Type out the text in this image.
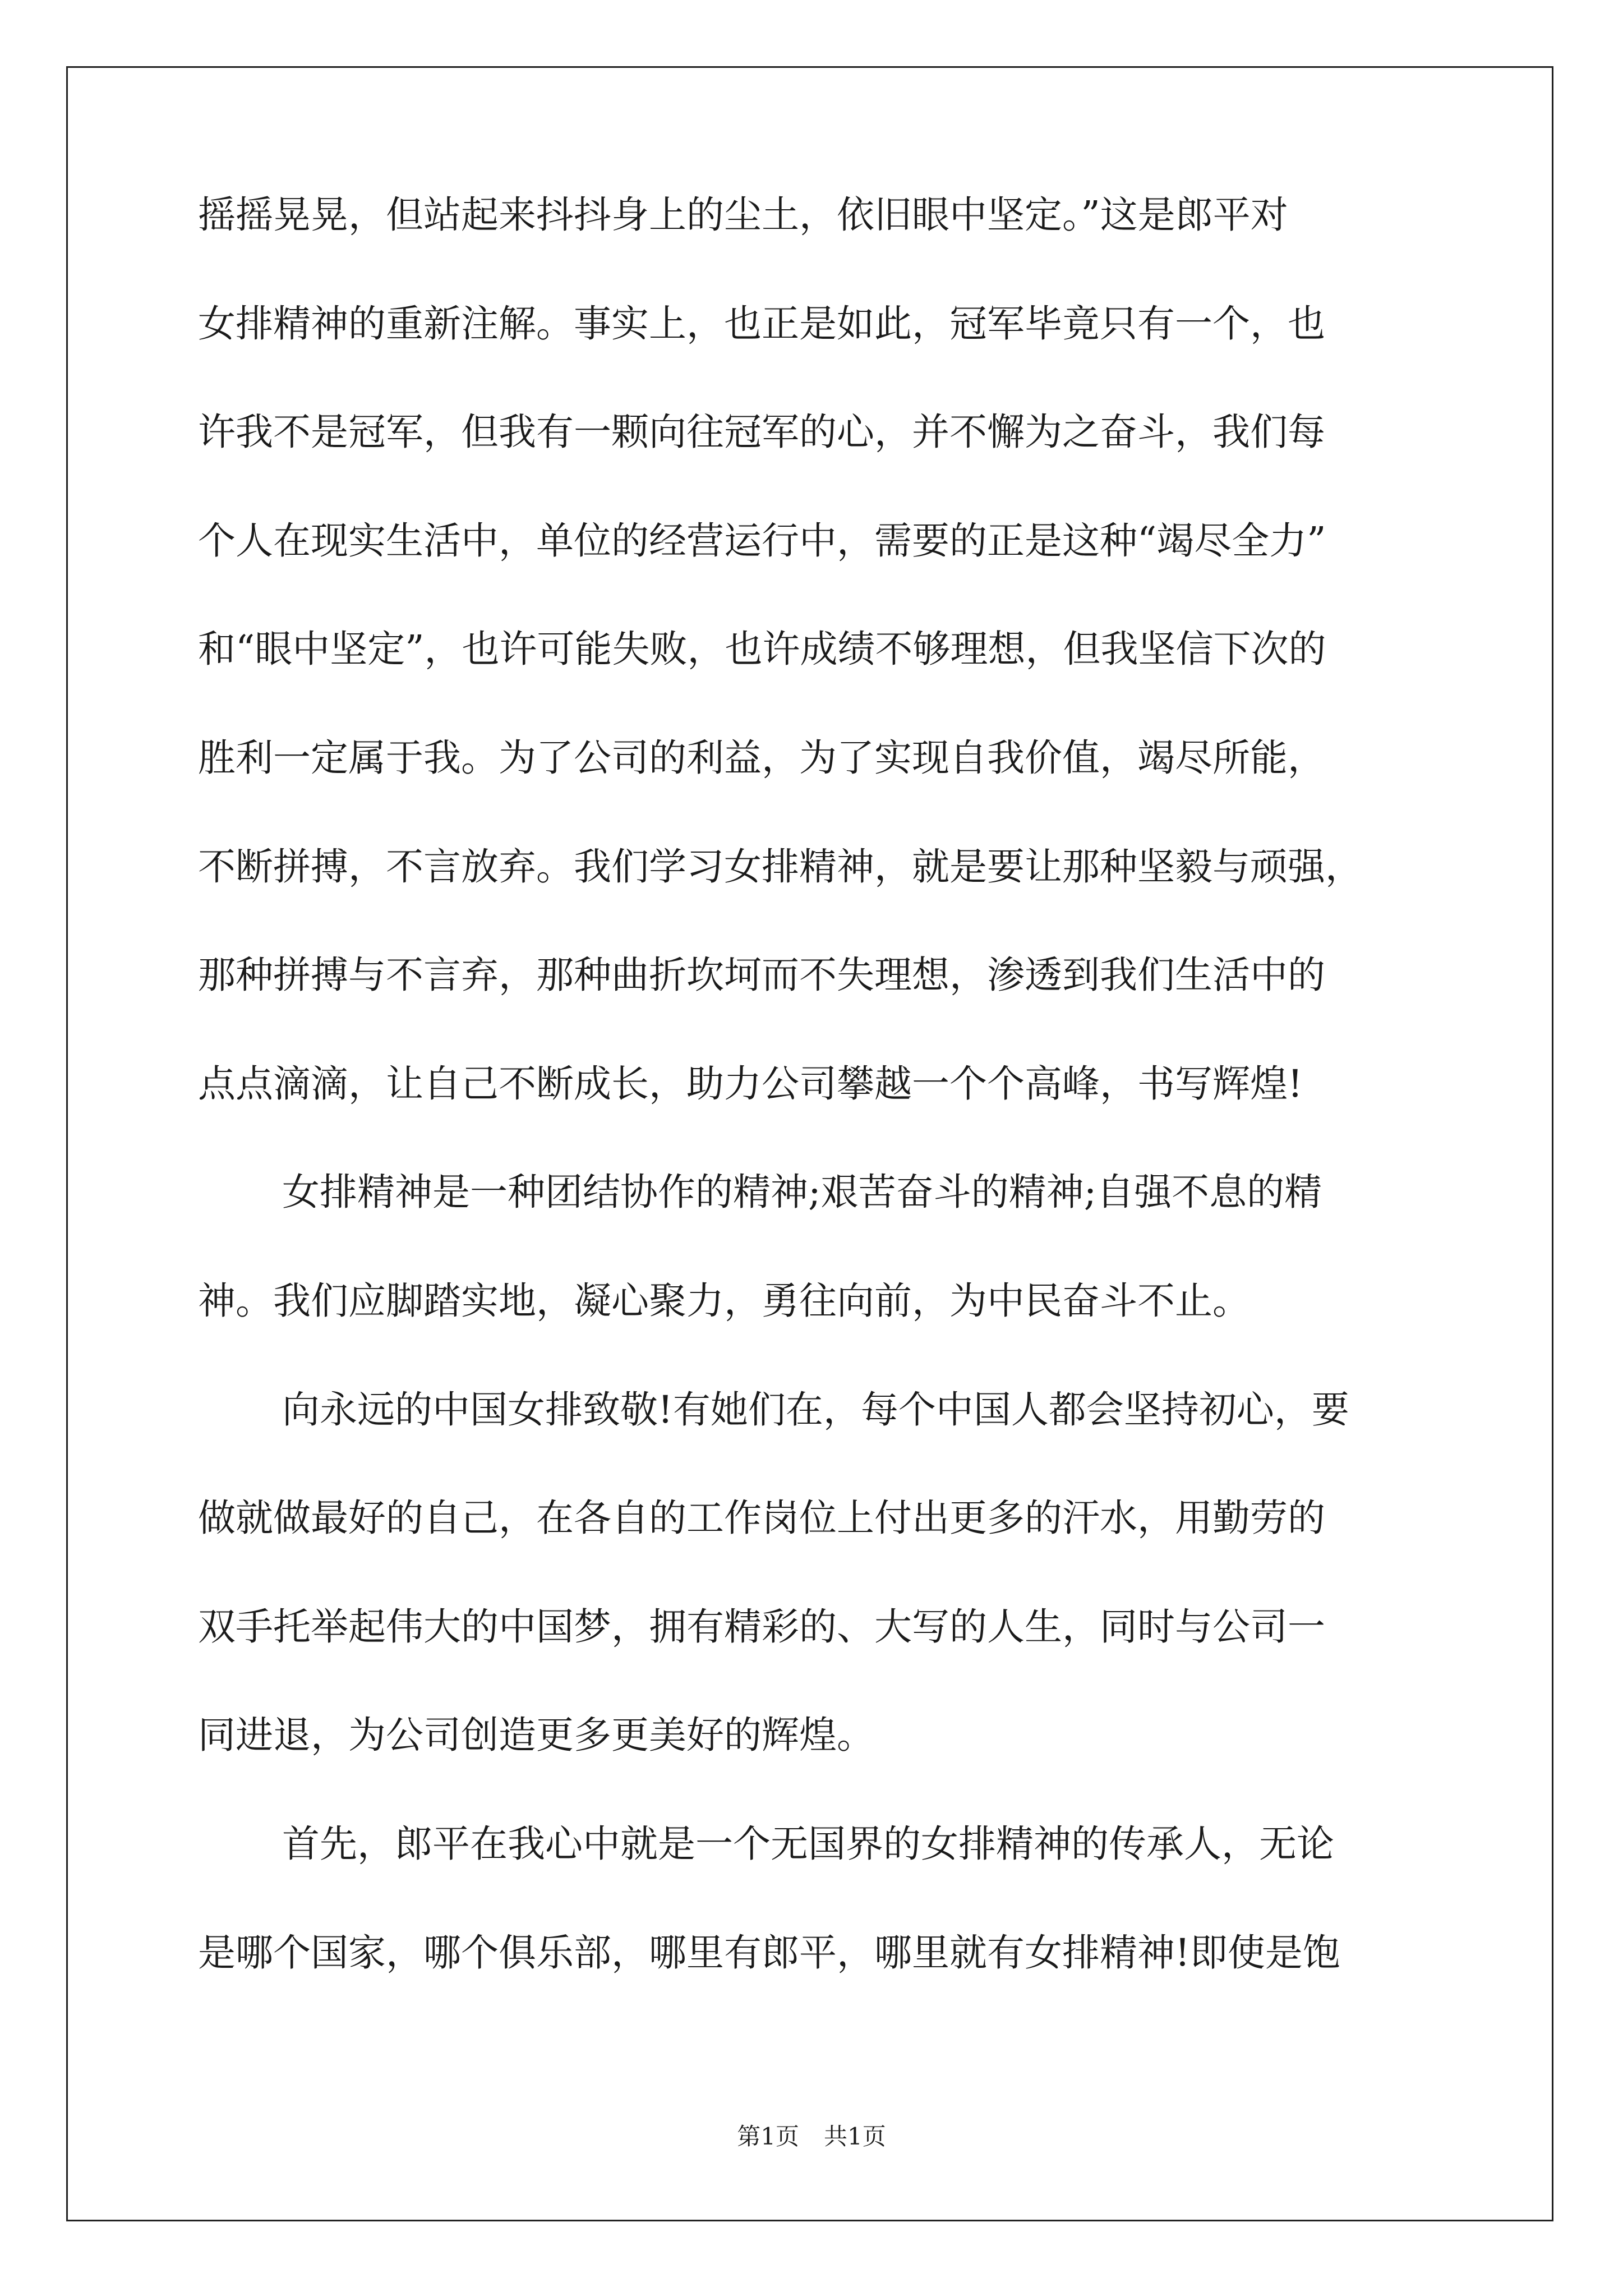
摇摇晃晃，但站起来抖抖身上的尘土，依旧眼中坚定。”这是郎平对
女排精神的重新注解。事实上，也正是如此，冠军毕竟只有一个，也
许我不是冠军，但我有一颗向往冠军的心，并不懈为之奋斗，我们每
个人在现实生活中，单位的经营运行中，需要的正是这种“竭尽全力”
和“眼中坚定”，也许可能失败，也许成绩不够理想，但我坚信下次的
胜利一定属于我。为了公司的利益，为了实现自我价值，竭尽所能，
不断拼搏，不言放弃。我们学习女排精神，就是要让那种坚毅与顽强，
那种拼搏与不言弃，那种曲折坎坷而不失理想，渗透到我们生活中的
点点滴滴，让自己不断成长，助力公司攀越一个个高峰，书写辉煌!
女排精神是一种团结协作的精神;艰苦奋斗的精神;自强不息的精
神。我们应脚踏实地，凝心聚力，勇往向前，为中民奋斗不止。
向永远的中国女排致敬!有她们在，每个中国人都会坚持初心，要
做就做最好的自己，在各自的工作岗位上付出更多的汗水，用勤劳的
双手托举起伟大的中国梦，拥有精彩的、大写的人生，同时与公司一
同进退，为公司创造更多更美好的辉煌。
首先，郎平在我心中就是一个无国界的女排精神的传承人，无论
是哪个国家，哪个俱乐部，哪里有郎平，哪里就有女排精神!即使是饱
第1页 共1页
